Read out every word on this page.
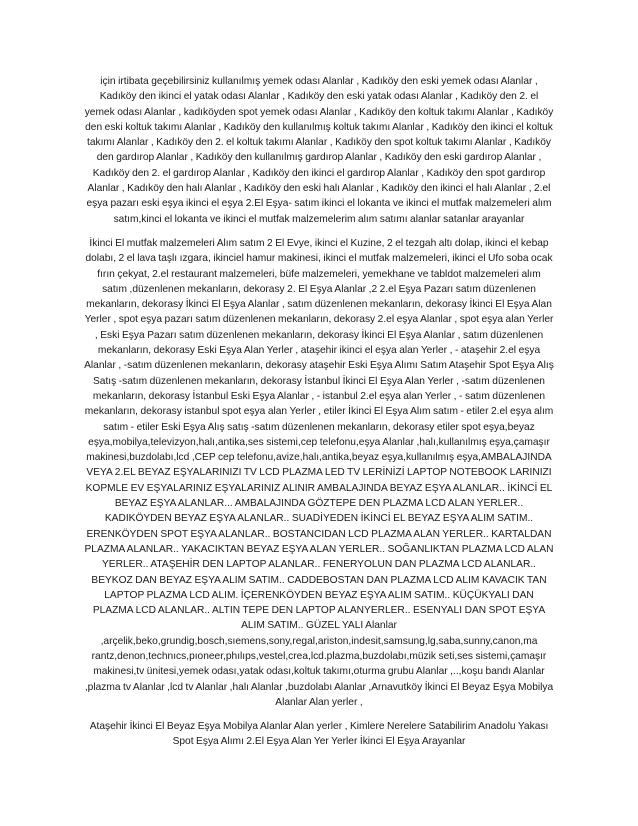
için irtibata geçebilirsiniz kullanılmış yemek odası Alanlar , Kadıköy den eski yemek odası Alanlar , Kadıköy den ikinci el yatak odası Alanlar , Kadıköy den eski yatak odası Alanlar , Kadıköy den 2. el yemek odası Alanlar , kadıköyden spot yemek odası Alanlar , Kadıköy den koltuk takımı Alanlar , Kadıköy den eski koltuk takımı Alanlar , Kadıköy den kullanılmış koltuk takımı Alanlar , Kadıköy den ikinci el koltuk takımı Alanlar , Kadıköy den 2. el koltuk takımı Alanlar , Kadıköy den spot koltuk takımı Alanlar , Kadıköy den gardırop Alanlar , Kadıköy den kullanılmış gardırop Alanlar , Kadıköy den eski gardırop Alanlar , Kadıköy den 2. el gardırop Alanlar , Kadıköy den ikinci el gardırop Alanlar , Kadıköy den spot gardırop Alanlar , Kadıköy den halı Alanlar , Kadıköy den eski halı Alanlar , Kadıköy den ikinci el halı Alanlar , 2.el eşya pazarı eski eşya ikinci el eşya 2.El Eşya- satım ikinci el lokanta ve ikinci el mutfak malzemeleri alım satım,kinci el lokanta ve ikinci el mutfak malzemelerim alım satımı alanlar satanlar arayanlar

İkinci El mutfak malzemeleri Alım satım 2 El Evye, ikinci el Kuzine, 2 el tezgah altı dolap, ikinci el kebap dolabı, 2 el lava taşlı ızgara, ikinciel hamur makinesi, ikinci el mutfak malzemeleri, ikinci el Ufo soba ocak fırın çekyat, 2.el restaurant malzemeleri, büfe malzemeleri, yemekhane ve tabldot malzemeleri alım satım ,düzenlenen mekanların, dekorasy 2. El Eşya Alanlar ,2 2.el Eşya Pazarı satım düzenlenen mekanların, dekorasy İkinci El Eşya Alanlar , satım düzenlenen mekanların, dekorasy İkinci El Eşya Alan Yerler , spot eşya pazarı satım düzenlenen mekanların, dekorasy 2.el eşya Alanlar , spot eşya alan Yerler , Eski Eşya Pazarı satım düzenlenen mekanların, dekorasy İkinci El Eşya Alanlar , satım düzenlenen mekanların, dekorasy Eski Eşya Alan Yerler , ataşehir ikinci el eşya alan Yerler , - ataşehir 2.el eşya Alanlar , -satım düzenlenen mekanların, dekorasy ataşehir Eski Eşya Alımı Satım Ataşehir Spot Eşya Alış Satış -satım düzenlenen mekanların, dekorasy İstanbul İkinci El Eşya Alan Yerler , -satım düzenlenen mekanların, dekorasy İstanbul Eski Eşya Alanlar , - istanbul 2.el eşya alan Yerler , - satım düzenlenen mekanların, dekorasy istanbul spot eşya alan Yerler , etiler İkinci El Eşya Alım satım - etiler 2.el eşya alım satım - etiler Eski Eşya Alış satış -satım düzenlenen mekanların, dekorasy etiler spot eşya,beyaz eşya,mobilya,televizyon,halı,antika,ses sistemi,cep telefonu,eşya Alanlar ,halı,kullanılmış eşya,çamaşır makinesi,buzdolabı,lcd ,CEP cep telefonu,avize,halı,antika,beyaz eşya,kullanılmış eşya,AMBALAJINDA VEYA 2.EL BEYAZ EŞYALARINIZI TV LCD PLAZMA LED TV LERİNİZİ LAPTOP NOTEBOOK LARINIZI KOPMLE EV EŞYALARINIZ EŞYALARINIZ ALINIR AMBALAJINDA BEYAZ EŞYA ALANLAR.. İKİNCİ EL BEYAZ EŞYA ALANLAR... AMBALAJINDA GÖZTEPE DEN PLAZMA LCD ALAN YERLER.. KADIKÖYDEN BEYAZ EŞYA ALANLAR.. SUADİYEDEN İKİNCİ EL BEYAZ EŞYA ALIM SATIM.. ERENKÖYDEN SPOT EŞYA ALANLAR.. BOSTANCIDAN LCD PLAZMA ALAN YERLER.. KARTALDAN PLAZMA ALANLAR.. YAKACIKTAN BEYAZ EŞYA ALAN YERLER.. SOĞANLIKTAN PLAZMA LCD ALAN YERLER.. ATAŞEHİR DEN LAPTOP ALANLAR.. FENERYOLUN DAN PLAZMA LCD ALANLAR.. BEYKOZ DAN BEYAZ EŞYA ALIM SATIM.. CADDEBOSTAN DAN PLAZMA LCD ALIM KAVACIK TAN LAPTOP PLAZMA LCD ALIM. İÇERENKÖYDEN BEYAZ EŞYA ALIM SATIM.. KÜÇÜKYALI DAN PLAZMA LCD ALANLAR.. ALTIN TEPE DEN LAPTOP ALANYERLER.. ESENYALI DAN SPOT EŞYA ALIM SATIM.. GÜZEL YALI Alanlar ,arçelik,beko,grundig,bosch,sıemens,sony,regal,ariston,indesit,samsung,lg,saba,sunny,canon,ma rantz,denon,technıcs,pıoneer,phılıps,vestel,crea,lcd.plazma,buzdolabı,müzik seti,ses sistemi,çamaşır makinesi,tv ünitesi,yemek odası,yatak odası,koltuk takımı,oturma grubu Alanlar ,..,koşu bandı Alanlar ,plazma tv Alanlar ,lcd tv Alanlar ,halı Alanlar ,buzdolabı Alanlar ,Arnavutköy İkinci El Beyaz Eşya Mobilya Alanlar Alan yerler ,

Ataşehir İkinci El Beyaz Eşya Mobilya Alanlar Alan yerler , Kimlere Nerelere Satabilirim Anadolu Yakası Spot Eşya Alımı 2.El Eşya Alan Yer Yerler İkinci El Eşya Arayanlar
